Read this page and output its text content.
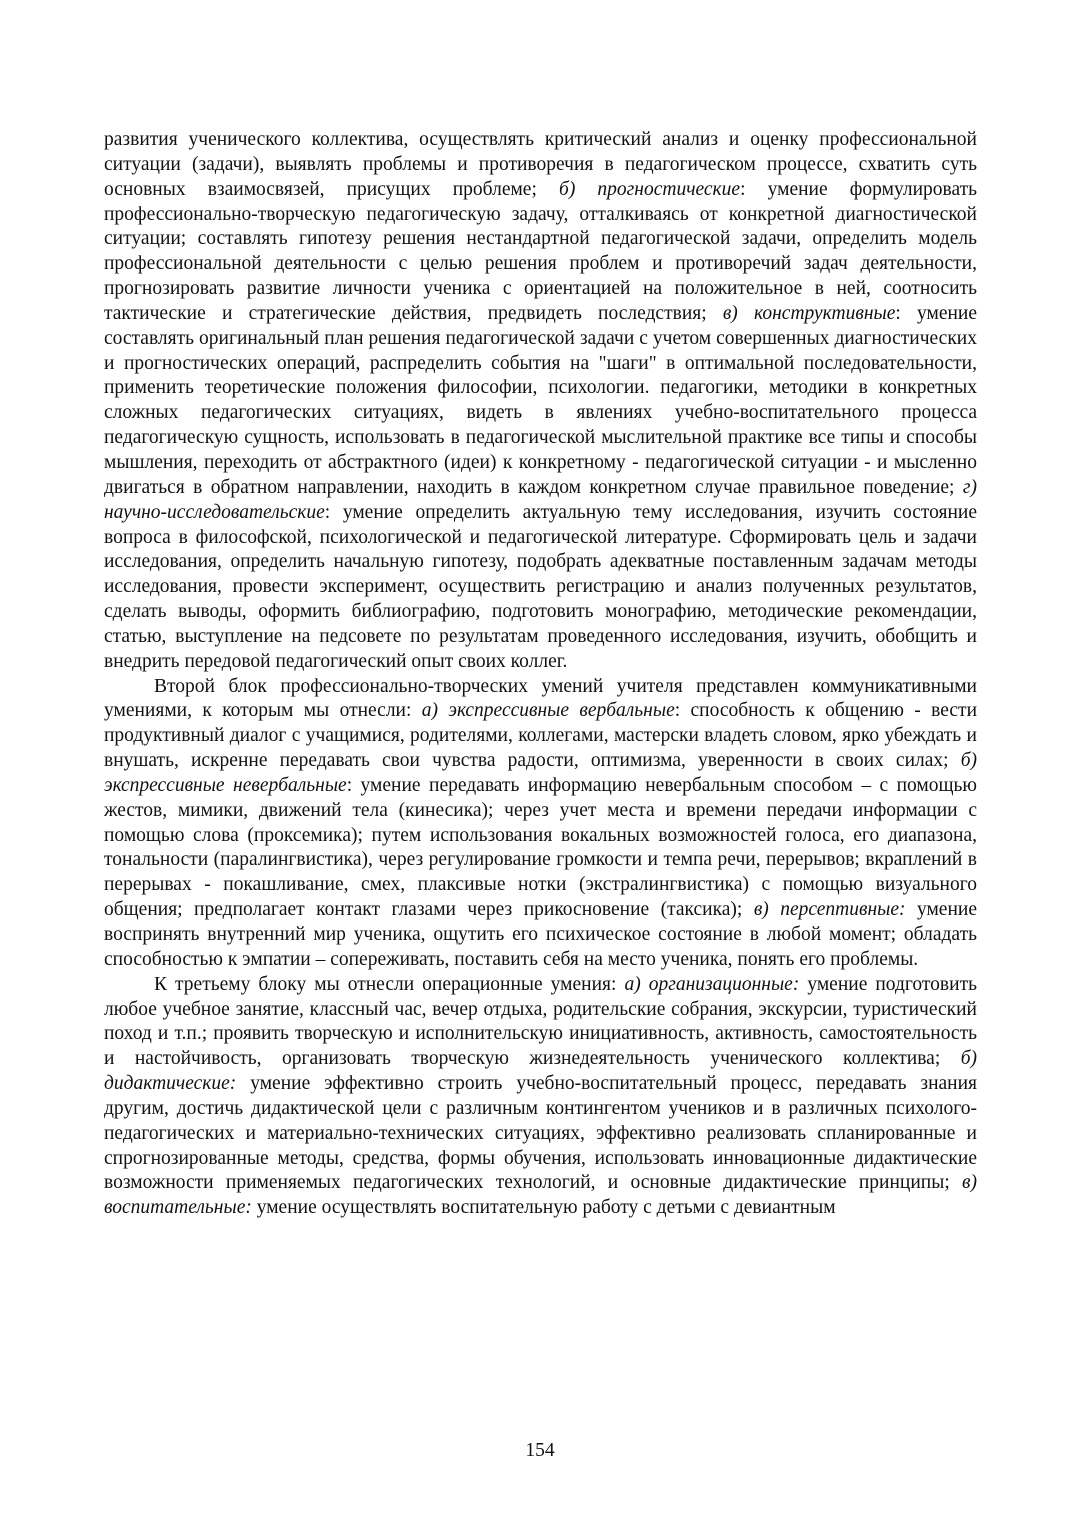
развития ученического коллектива, осуществлять критический анализ и оценку профессиональной ситуации (задачи), выявлять проблемы и противоречия в педагогическом процессе, схватить суть основных взаимосвязей, присущих проблеме; б) прогностические: умение формулировать профессионально-творческую педагогическую задачу, отталкиваясь от конкретной диагностической ситуации; составлять гипотезу решения нестандартной педагогической задачи, определить модель профессиональной деятельности с целью решения проблем и противоречий задач деятельности, прогнозировать развитие личности ученика с ориентацией на положительное в ней, соотносить тактические и стратегические действия, предвидеть последствия; в) конструктивные: умение составлять оригинальный план решения педагогической задачи с учетом совершенных диагностических и прогностических операций, распределить события на "шаги" в оптимальной последовательности, применить теоретические положения философии, психологии. педагогики, методики в конкретных сложных педагогических ситуациях, видеть в явлениях учебно-воспитательного процесса педагогическую сущность, использовать в педагогической мыслительной практике все типы и способы мышления, переходить от абстрактного (идеи) к конкретному - педагогической ситуации - и мысленно двигаться в обратном направлении, находить в каждом конкретном случае правильное поведение; г) научно-исследовательские: умение определить актуальную тему исследования, изучить состояние вопроса в философской, психологической и педагогической литературе. Сформировать цель и задачи исследования, определить начальную гипотезу, подобрать адекватные поставленным задачам методы исследования, провести эксперимент, осуществить регистрацию и анализ полученных результатов, сделать выводы, оформить библиографию, подготовить монографию, методические рекомендации, статью, выступление на педсовете по результатам проведенного исследования, изучить, обобщить и внедрить передовой педагогический опыт своих коллег.

Второй блок профессионально-творческих умений учителя представлен коммуникативными умениями, к которым мы отнесли: а) экспрессивные вербальные: способность к общению - вести продуктивный диалог с учащимися, родителями, коллегами, мастерски владеть словом, ярко убеждать и внушать, искренне передавать свои чувства радости, оптимизма, уверенности в своих силах; б) экспрессивные невербальные: умение передавать информацию невербальным способом – с помощью жестов, мимики, движений тела (кинесика); через учет места и времени передачи информации с помощью слова (проксемика); путем использования вокальных возможностей голоса, его диапазона, тональности (паралингвистика), через регулирование громкости и темпа речи, перерывов; вкраплений в перерывах - покашливание, смех, плаксивые нотки (экстралингвистика) с помощью визуального общения; предполагает контакт глазами через прикосновение (таксика); в) персептивные: умение воспринять внутренний мир ученика, ощутить его психическое состояние в любой момент; обладать способностью к эмпатии – сопереживать, поставить себя на место ученика, понять его проблемы.

К третьему блоку мы отнесли операционные умения: а) организационные: умение подготовить любое учебное занятие, классный час, вечер отдыха, родительские собрания, экскурсии, туристический поход и т.п.; проявить творческую и исполнительскую инициативность, активность, самостоятельность и настойчивость, организовать творческую жизнедеятельность ученического коллектива; б) дидактические: умение эффективно строить учебно-воспитательный процесс, передавать знания другим, достичь дидактической цели с различным контингентом учеников и в различных психолого-педагогических и материально-технических ситуациях, эффективно реализовать спланированные и спрогнозированные методы, средства, формы обучения, использовать инновационные дидактические возможности применяемых педагогических технологий, и основные дидактические принципы; в) воспитательные: умение осуществлять воспитательную работу с детьми с девиантным

154
